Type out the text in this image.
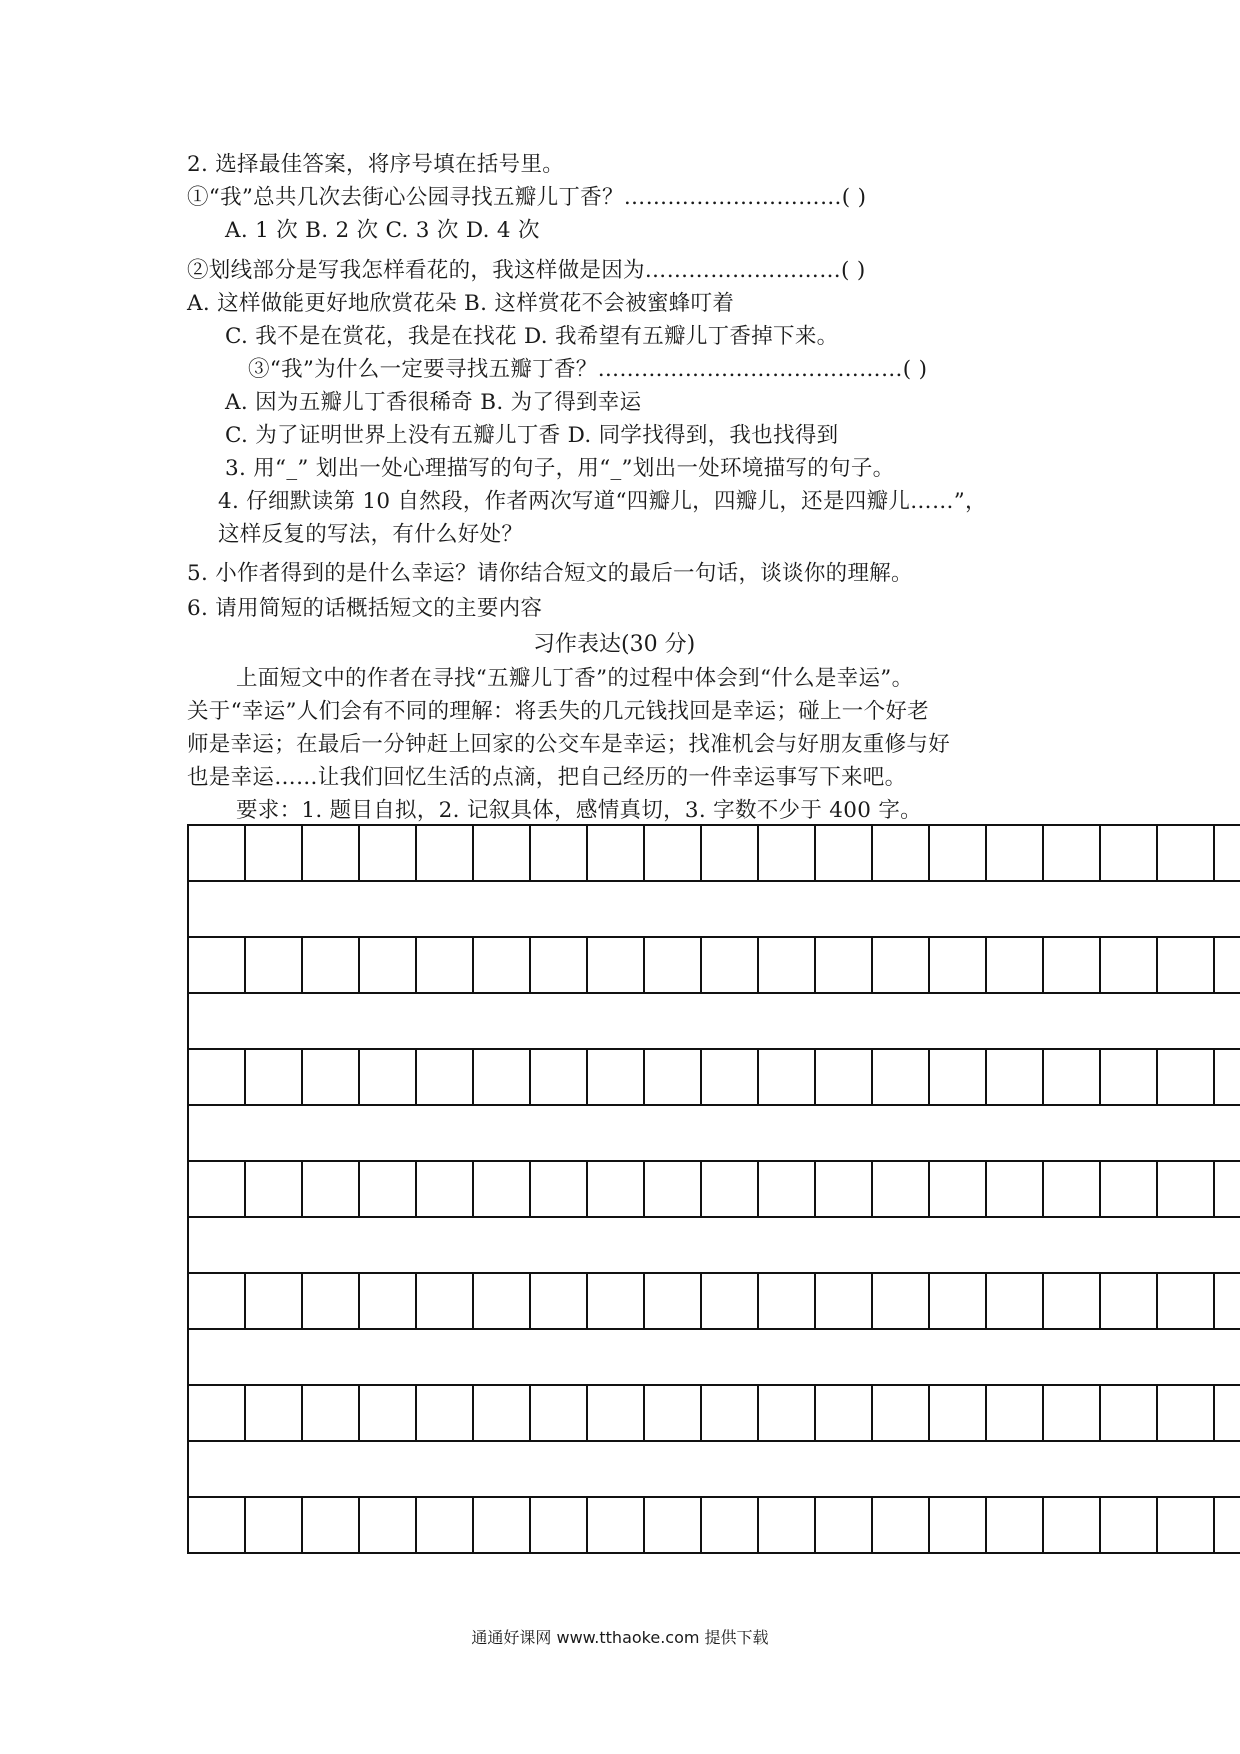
2. 选择最佳答案，将序号填在括号里。
①“我”总共几次去街心公园寻找五瓣儿丁香？…………………………( )
A. 1 次 B. 2 次 C. 3 次 D. 4 次
②划线部分是写我怎样看花的，我这样做是因为………………………( )
A. 这样做能更好地欣赏花朵 B. 这样赏花不会被蜜蜂叮着
C. 我不是在赏花，我是在找花 D. 我希望有五瓣儿丁香掉下来。
③“我”为什么一定要寻找五瓣丁香？……………………………………( )
A. 因为五瓣儿丁香很稀奇 B. 为了得到幸运
C. 为了证明世界上没有五瓣儿丁香 D. 同学找得到，我也找得到
3. 用“_” 划出一处心理描写的句子，用“_”划出一处环境描写的句子。
4. 仔细默读第 10 自然段，作者两次写道“四瓣儿，四瓣儿，还是四瓣儿……”，
这样反复的写法，有什么好处？
5. 小作者得到的是什么幸运？请你结合短文的最后一句话，谈谈你的理解。
6. 请用简短的话概括短文的主要内容
习作表达(30 分)
上面短文中的作者在寻找“五瓣儿丁香”的过程中体会到“什么是幸运”。
关于“幸运”人们会有不同的理解：将丢失的几元钱找回是幸运；碰上一个好老
师是幸运；在最后一分钟赶上回家的公交车是幸运；找准机会与好朋友重修与好
也是幸运……让我们回忆生活的点滴，把自己经历的一件幸运事写下来吧。
要求：1. 题目自拟，2. 记叙具体，感情真切，3. 字数不少于 400 字。
通通好课网 www.tthaoke.com 提供下载
